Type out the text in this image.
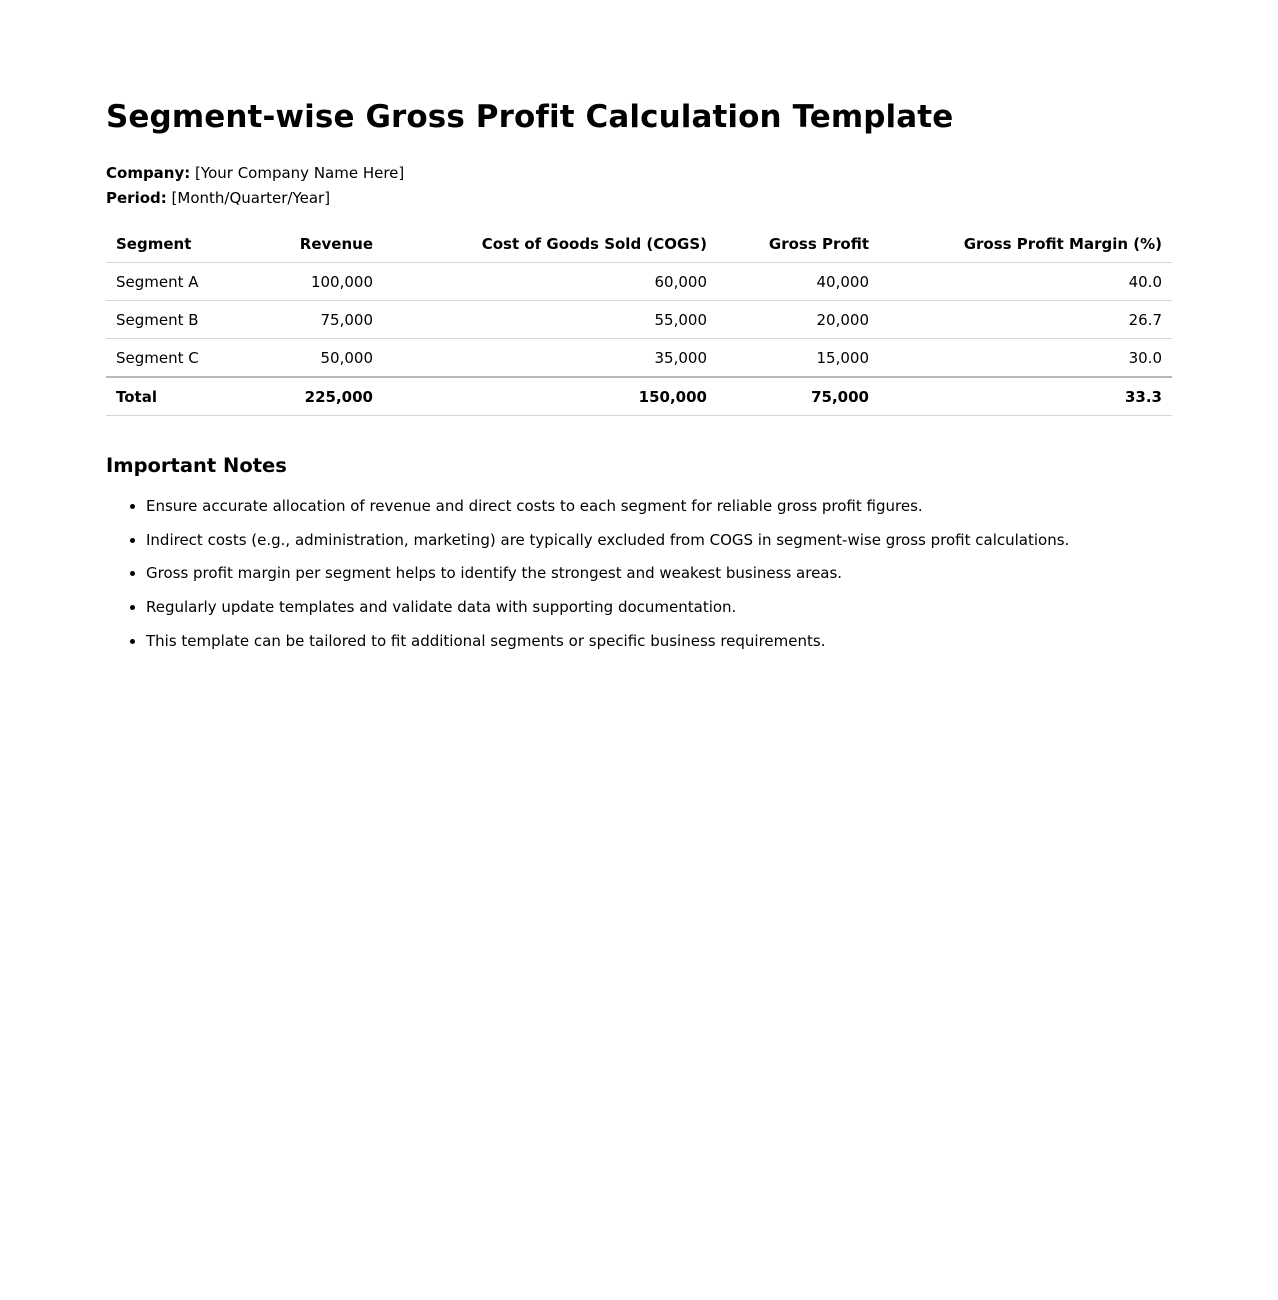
Segment-wise Gross Profit Calculation Template
Company: [Your Company Name Here]
Period: [Month/Quarter/Year]
Segment	Revenue	Cost of Goods Sold (COGS)	Gross Profit	Gross Profit Margin (%)
Segment A	100,000	60,000	40,000	40.0
Segment B	75,000	55,000	20,000	26.7
Segment C	50,000	35,000	15,000	30.0
Total	225,000	150,000	75,000	33.3
Important Notes
• Ensure accurate allocation of revenue and direct costs to each segment for reliable gross profit figures.
• Indirect costs (e.g., administration, marketing) are typically excluded from COGS in segment-wise gross profit calculations.
• Gross profit margin per segment helps to identify the strongest and weakest business areas.
• Regularly update templates and validate data with supporting documentation.
• This template can be tailored to fit additional segments or specific business requirements.
